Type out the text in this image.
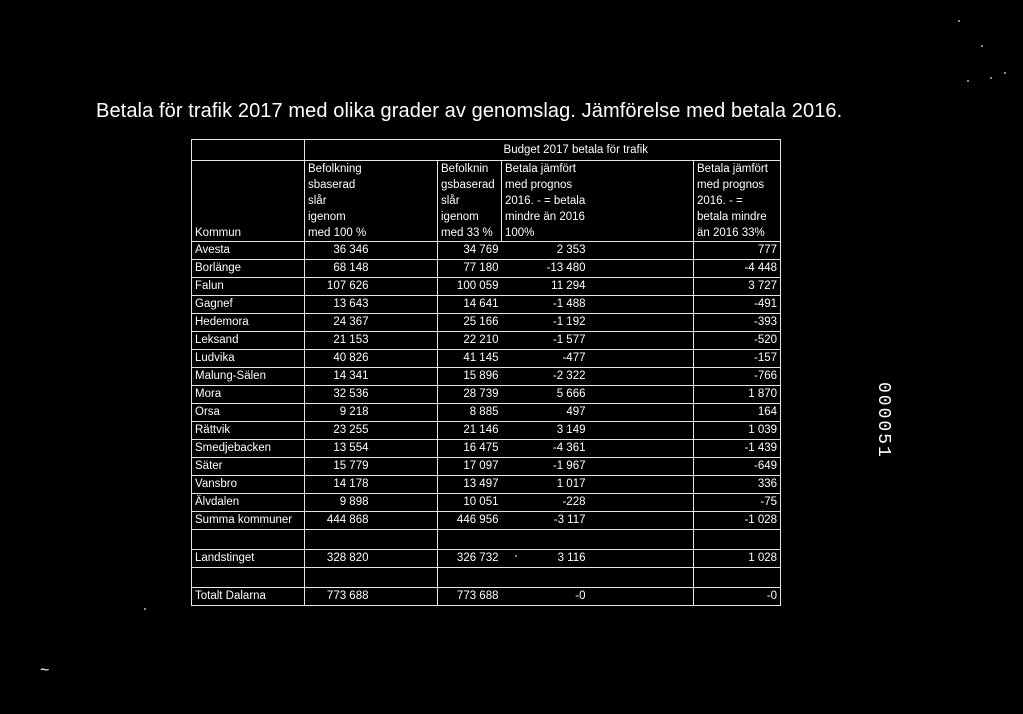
Betala för trafik 2017 med olika grader av genomslag. Jämförelse med betala 2016.
		Budget 2017 betala för trafik				
	Befolkning		Befolknin	Betala jämfört		Betala jämfört
	sbaserad		gsbaserad	med prognos		med prognos
	slår		slår	2016. - = betala		2016. - =
	igenom		igenom	mindre än 2016		betala mindre
Kommun	med 100 %		med 33 %	100%		än 2016 33%
Avesta	36 346		34 769	2 353		777
Borlänge	68 148		77 180	-13 480		-4 448
Falun	107 626		100 059	11 294		3 727
Gagnef	13 643		14 641	-1 488		-491
Hedemora	24 367		25 166	-1 192		-393
Leksand	21 153		22 210	-1 577		-520
Ludvika	40 826		41 145	-477		-157
Malung-Sälen	14 341		15 896	-2 322		-766
Mora	32 536		28 739	5 666		1 870
Orsa	9 218		8 885	497		164
Rättvik	23 255		21 146	3 149		1 039
Smedjebacken	13 554		16 475	-4 361		-1 439
Säter	15 779		17 097	-1 967		-649
Vansbro	14 178		13 497	1 017		336
Älvdalen	9 898		10 051	-228		-75
Summa kommuner	444 868		446 956	-3 117		-1 028

Landstinget	328 820		326 732	3 116		1 028

Totalt Dalarna	773 688		773 688	-0		-0
000051
~
